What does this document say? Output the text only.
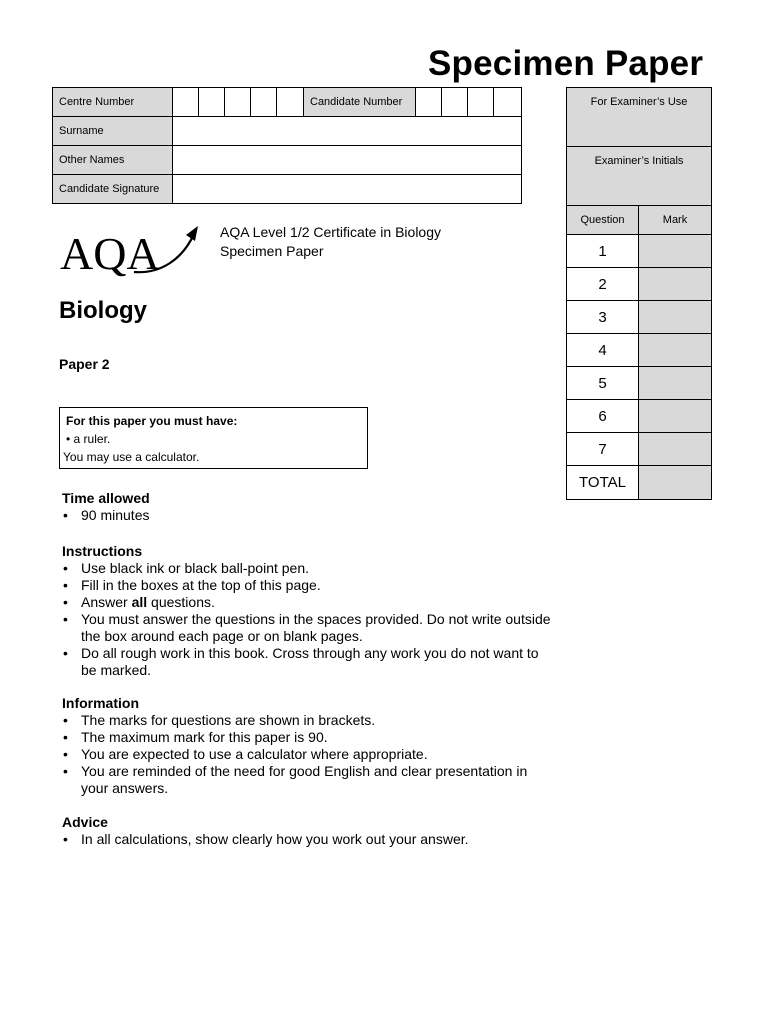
Specimen Paper
Centre Number						Candidate Number				
Surname										
Other Names										
Candidate Signature										
For Examiner’s Use	
Examiner’s Initials	
Question	Mark
1	
2	
3	
4	
5	
6	
7	
TOTAL	
AQA	AQA Level 1/2 Certificate in Biology
Specimen Paper
Biology
Paper 2
For this paper you must have:
• a ruler.
You may use a calculator.
Time allowed
• 90 minutes
Instructions
• Use black ink or black ball-point pen.
• Fill in the boxes at the top of this page.
• Answer all questions.
• You must answer the questions in the spaces provided. Do not write outside the box around each page or on blank pages.
• Do all rough work in this book. Cross through any work you do not want to be marked.
Information
• The marks for questions are shown in brackets.
• The maximum mark for this paper is 90.
• You are expected to use a calculator where appropriate.
• You are reminded of the need for good English and clear presentation in your answers.
Advice
• In all calculations, show clearly how you work out your answer.
